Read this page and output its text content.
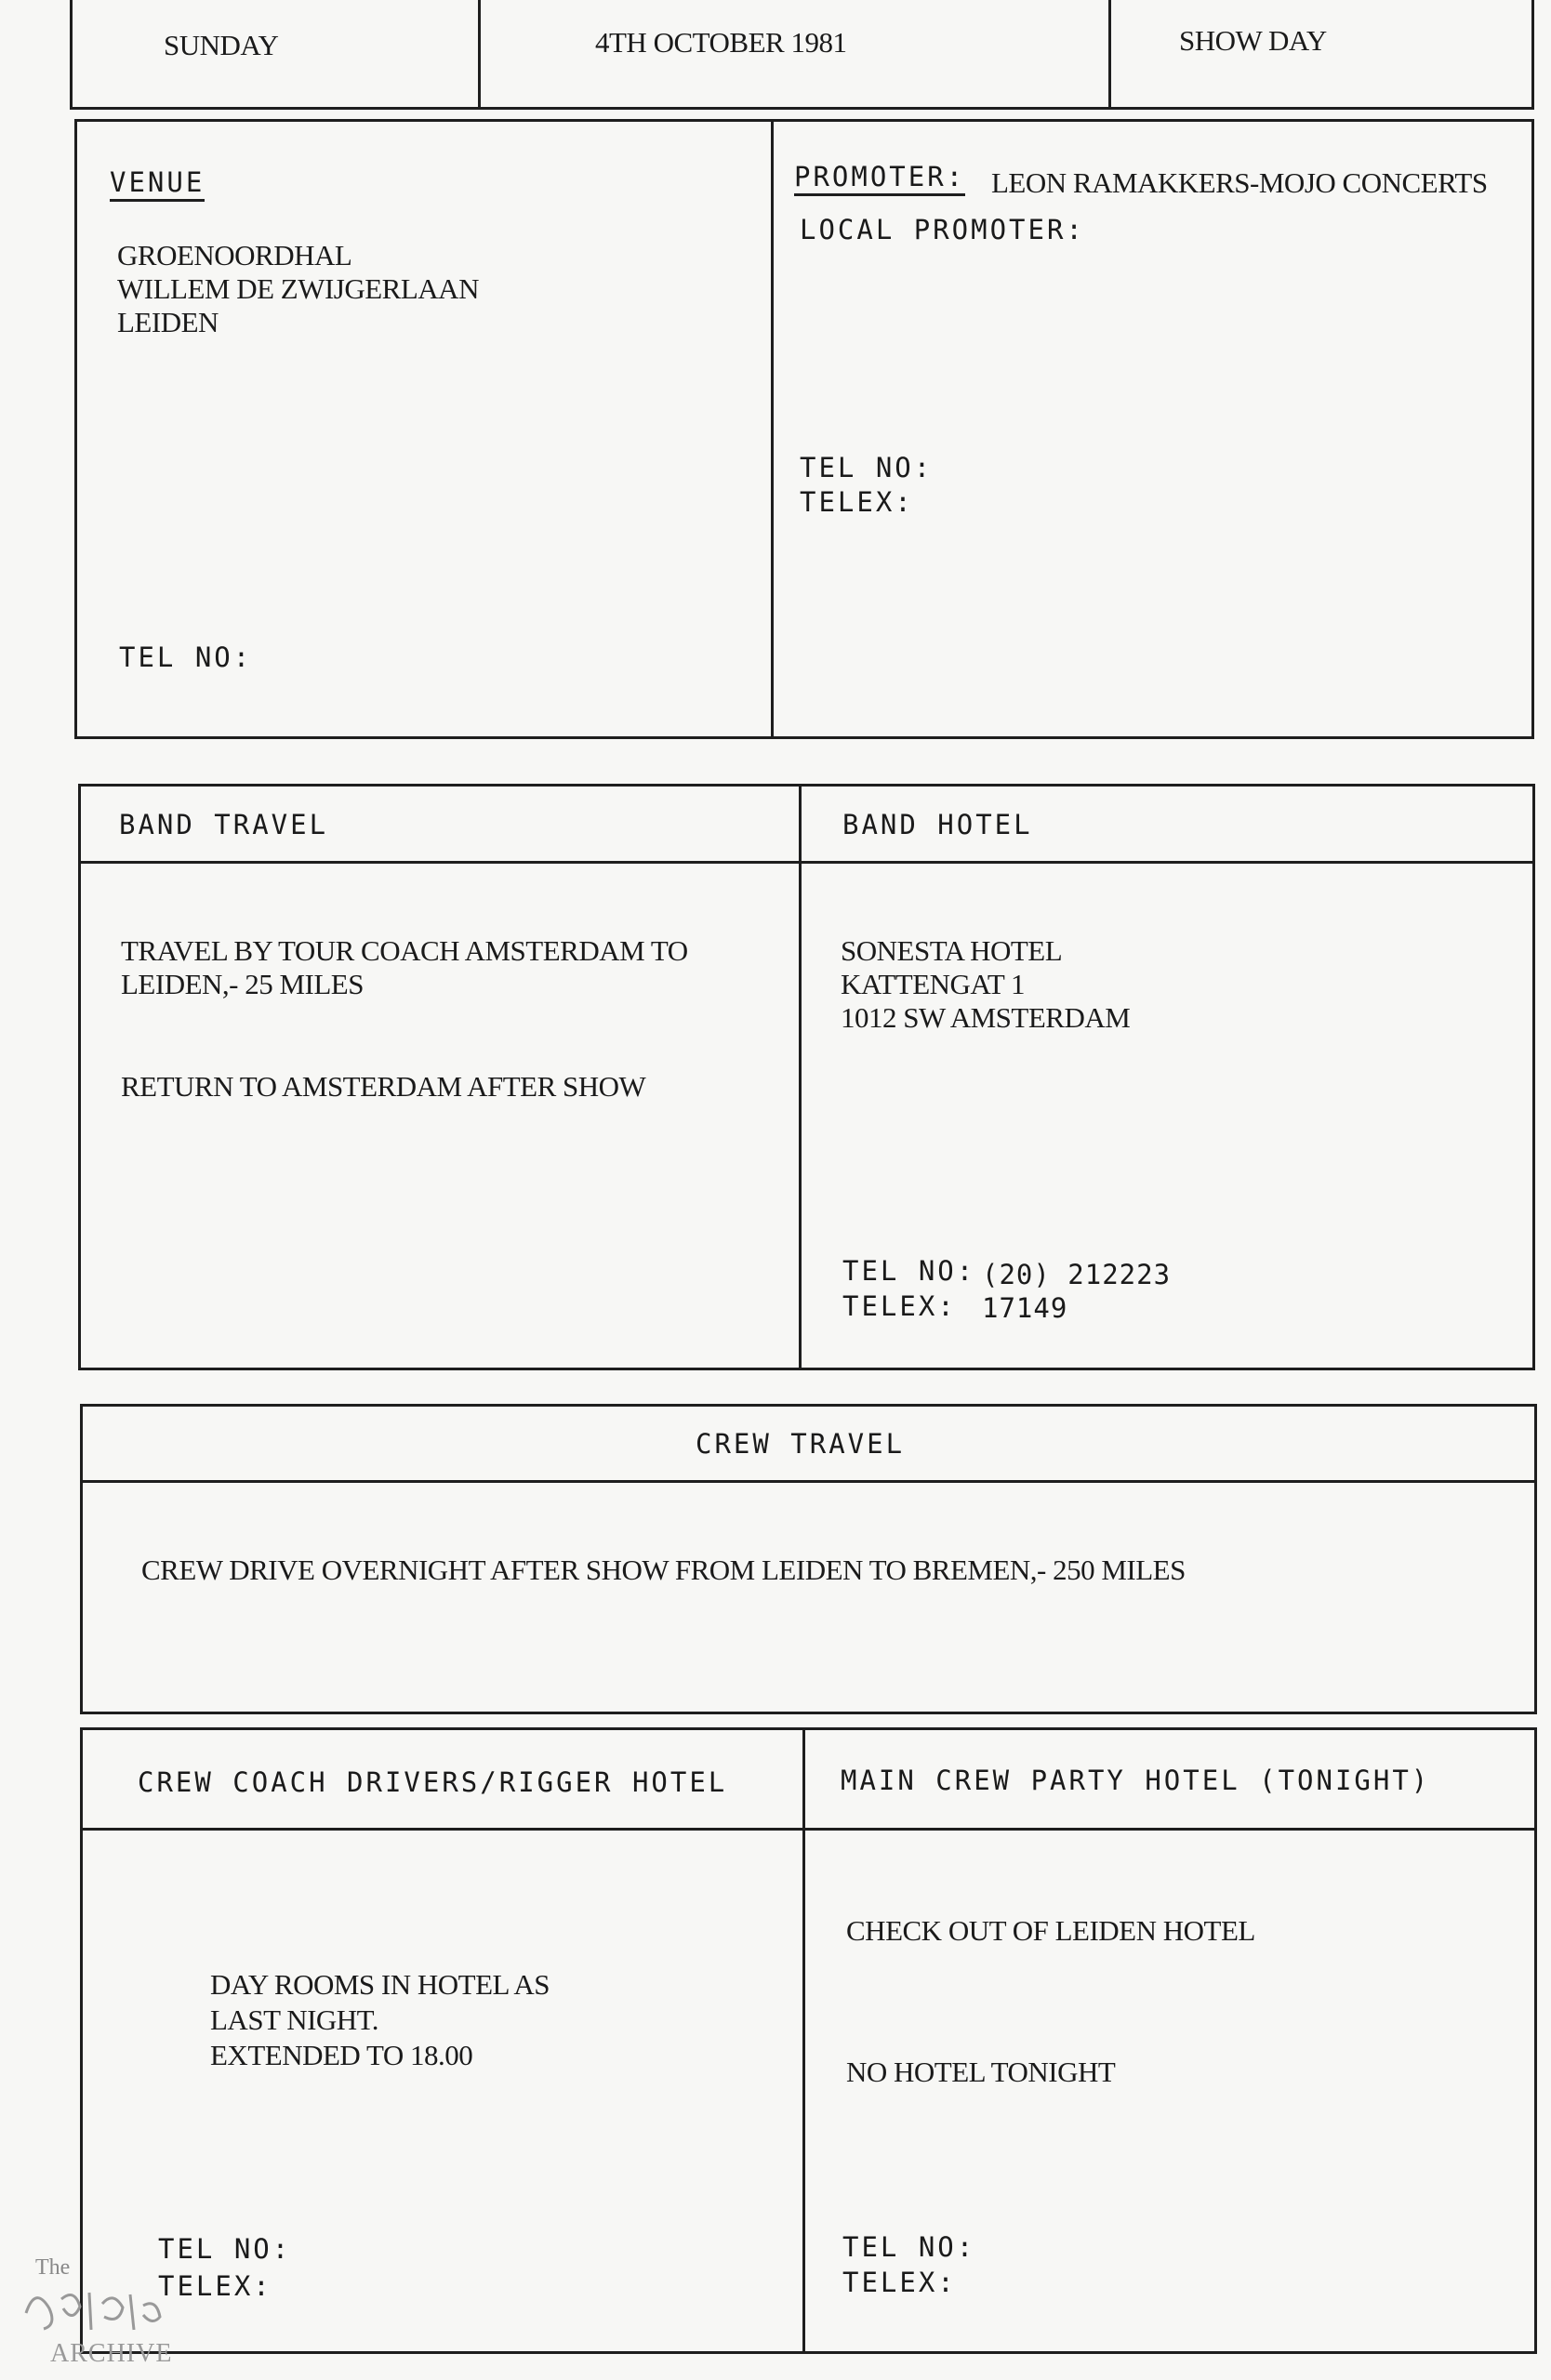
SUNDAY	4TH OCTOBER 1981	SHOW DAY
VENUE
GROENOORDHAL
WILLEM DE ZWIJGERLAAN
LEIDEN
TEL NO:
PROMOTER: LEON RAMAKKERS-MOJO CONCERTS
LOCAL PROMOTER:
TEL NO:
TELEX:
BAND TRAVEL
TRAVEL BY TOUR COACH AMSTERDAM TO
LEIDEN,- 25 MILES
RETURN TO AMSTERDAM AFTER SHOW
BAND HOTEL
SONESTA HOTEL
KATTENGAT 1
1012 SW AMSTERDAM
TEL NO: (20) 212223
TELEX: 17149
CREW TRAVEL
CREW DRIVE OVERNIGHT AFTER SHOW FROM LEIDEN TO BREMEN,- 250 MILES
CREW COACH DRIVERS/RIGGER HOTEL
DAY ROOMS IN HOTEL AS
LAST NIGHT.
EXTENDED TO 18.00
TEL NO:
TELEX:
MAIN CREW PARTY HOTEL (TONIGHT)
CHECK OUT OF LEIDEN HOTEL
NO HOTEL TONIGHT
TEL NO:
TELEX:
The
ARCHIVE
